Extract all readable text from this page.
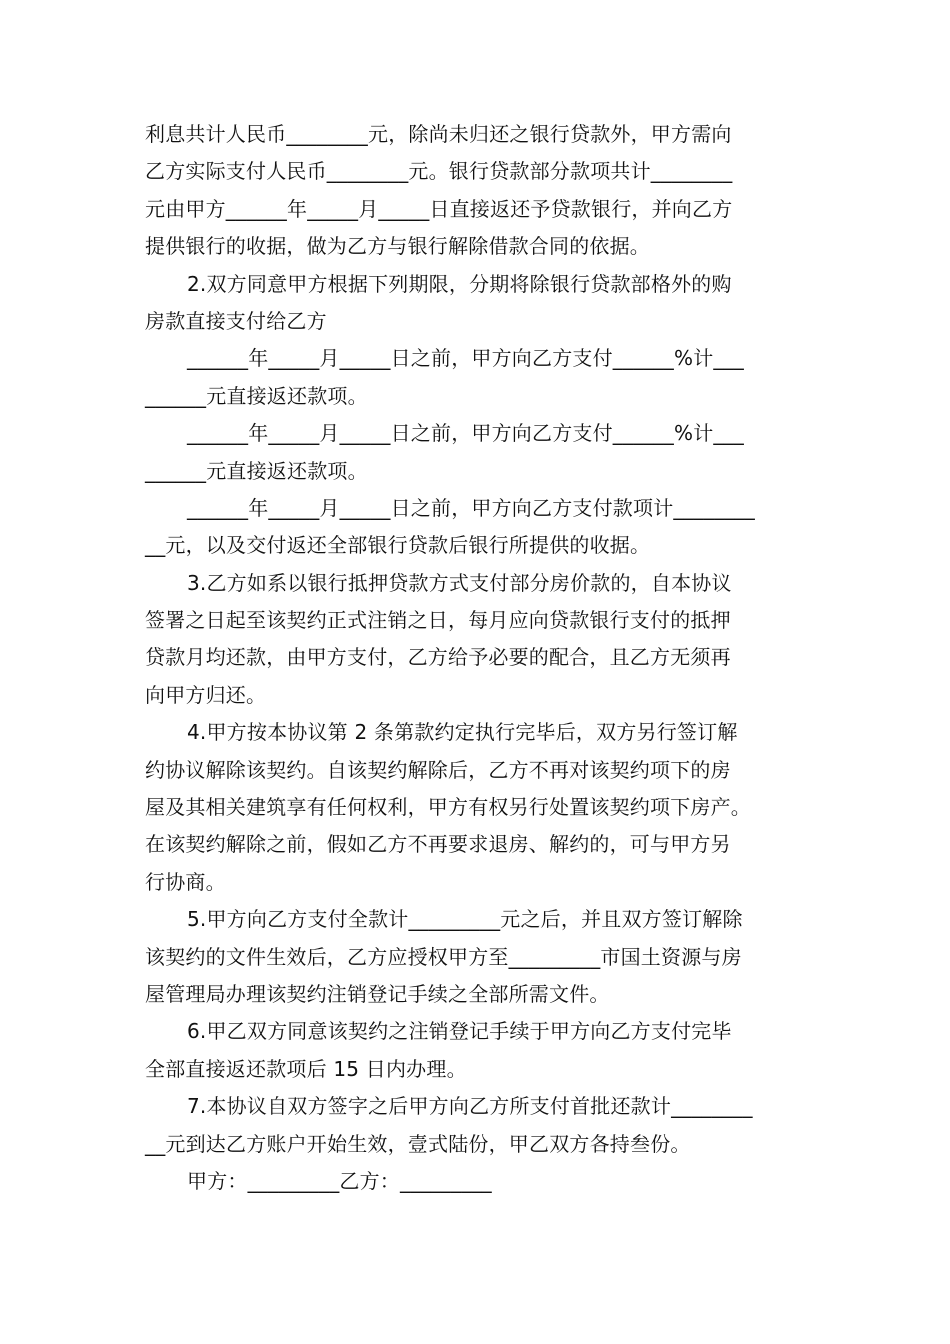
利息共计人民币________元，除尚未归还之银行贷款外，甲方需向
乙方实际支付人民币________元。银行贷款部分款项共计________
元由甲方______年_____月_____日直接返还予贷款银行，并向乙方
提供银行的收据，做为乙方与银行解除借款合同的依据。
2.双方同意甲方根据下列期限，分期将除银行贷款部格外的购
房款直接支付给乙方
______年_____月_____日之前，甲方向乙方支付______%计___
______元直接返还款项。
______年_____月_____日之前，甲方向乙方支付______%计___
______元直接返还款项。
______年_____月_____日之前，甲方向乙方支付款项计________
__元，以及交付返还全部银行贷款后银行所提供的收据。
3.乙方如系以银行抵押贷款方式支付部分房价款的，自本协议
签署之日起至该契约正式注销之日，每月应向贷款银行支付的抵押
贷款月均还款，由甲方支付，乙方给予必要的配合，且乙方无须再
向甲方归还。
4.甲方按本协议第 2 条第款约定执行完毕后，双方另行签订解
约协议解除该契约。自该契约解除后，乙方不再对该契约项下的房
屋及其相关建筑享有任何权利，甲方有权另行处置该契约项下房产。
在该契约解除之前，假如乙方不再要求退房、解约的，可与甲方另
行协商。
5.甲方向乙方支付全款计_________元之后，并且双方签订解除
该契约的文件生效后，乙方应授权甲方至_________市国土资源与房
屋管理局办理该契约注销登记手续之全部所需文件。
6.甲乙双方同意该契约之注销登记手续于甲方向乙方支付完毕
全部直接返还款项后 15 日内办理。
7.本协议自双方签字之后甲方向乙方所支付首批还款计________
__元到达乙方账户开始生效，壹式陆份，甲乙双方各持叁份。
甲方：_________乙方：_________
